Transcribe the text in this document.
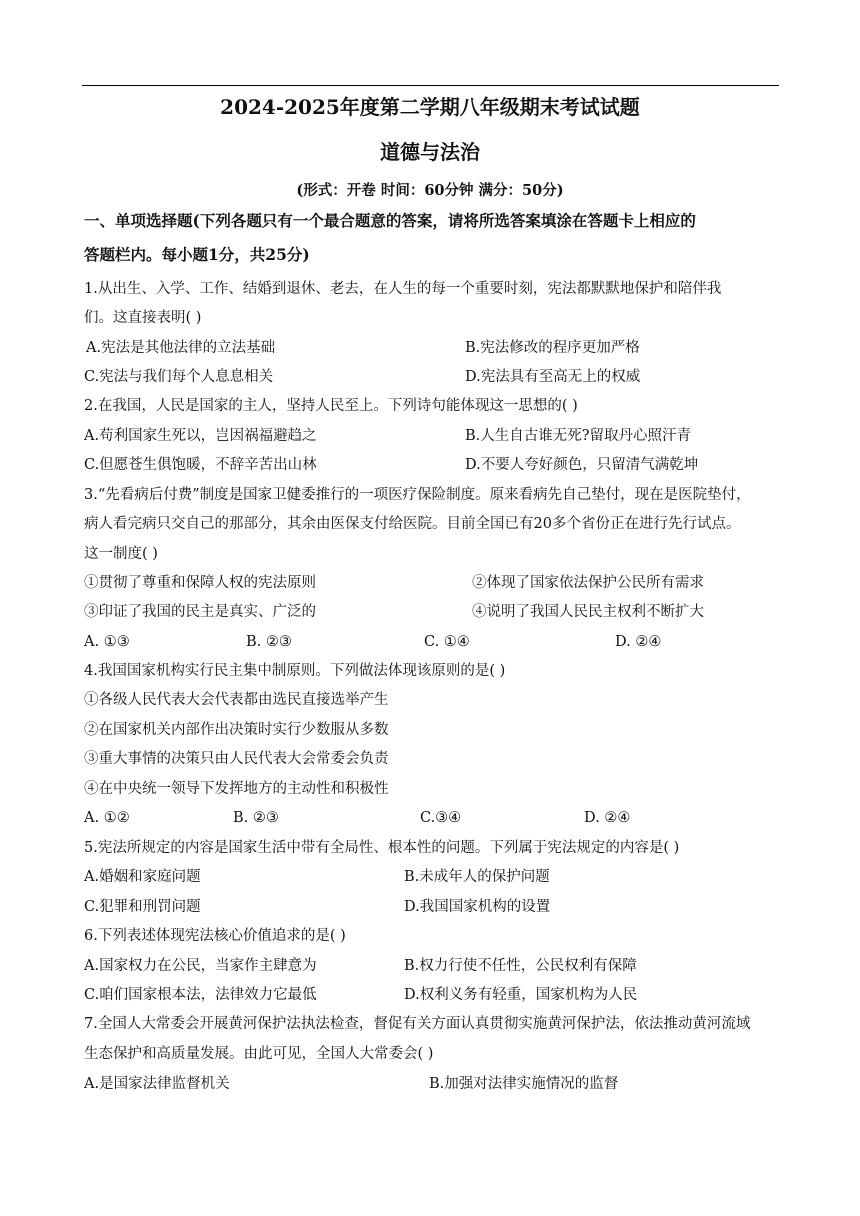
2024-2025年度第二学期八年级期末考试试题
道德与法治
(形式：开卷 时间：60分钟 满分：50分)
一、单项选择题(下列各题只有一个最合题意的答案，请将所选答案填涂在答题卡上相应的
答题栏内。每小题1分，共25分)
1.从出生、入学、工作、结婚到退休、老去，在人生的每一个重要时刻，宪法都默默地保护和陪伴我
们。这直接表明( )
A.宪法是其他法律的立法基础	B.宪法修改的程序更加严格
C.宪法与我们每个人息息相关	D.宪法具有至高无上的权威
2.在我国，人民是国家的主人，坚持人民至上。下列诗句能体现这一思想的( )
A.苟利国家生死以，岂因祸福避趋之	B.人生自古谁无死?留取丹心照汗青
C.但愿苍生俱饱暖，不辞辛苦出山林	D.不要人夸好颜色，只留清气满乾坤
3.“先看病后付费”制度是国家卫健委推行的一项医疗保险制度。原来看病先自己垫付，现在是医院垫付，
病人看完病只交自己的那部分，其余由医保支付给医院。目前全国已有20多个省份正在进行先行试点。
这一制度( )
①贯彻了尊重和保障人权的宪法原则	②体现了国家依法保护公民所有需求
③印证了我国的民主是真实、广泛的	④说明了我国人民民主权利不断扩大
A. ①③	B. ②③	C. ①④	D. ②④
4.我国国家机构实行民主集中制原则。下列做法体现该原则的是( )
①各级人民代表大会代表都由选民直接选举产生
②在国家机关内部作出决策时实行少数服从多数
③重大事情的决策只由人民代表大会常委会负责
④在中央统一领导下发挥地方的主动性和积极性
A. ①②	B. ②③	C.③④	D. ②④
5.宪法所规定的内容是国家生活中带有全局性、根本性的问题。下列属于宪法规定的内容是( )
A.婚姻和家庭问题	B.未成年人的保护问题
C.犯罪和刑罚问题	D.我国国家机构的设置
6.下列表述体现宪法核心价值追求的是( )
A.国家权力在公民，当家作主肆意为	B.权力行使不任性，公民权利有保障
C.咱们国家根本法，法律效力它最低	D.权利义务有轻重，国家机构为人民
7.全国人大常委会开展黄河保护法执法检查，督促有关方面认真贯彻实施黄河保护法，依法推动黄河流域
生态保护和高质量发展。由此可见，全国人大常委会( )
A.是国家法律监督机关	B.加强对法律实施情况的监督
